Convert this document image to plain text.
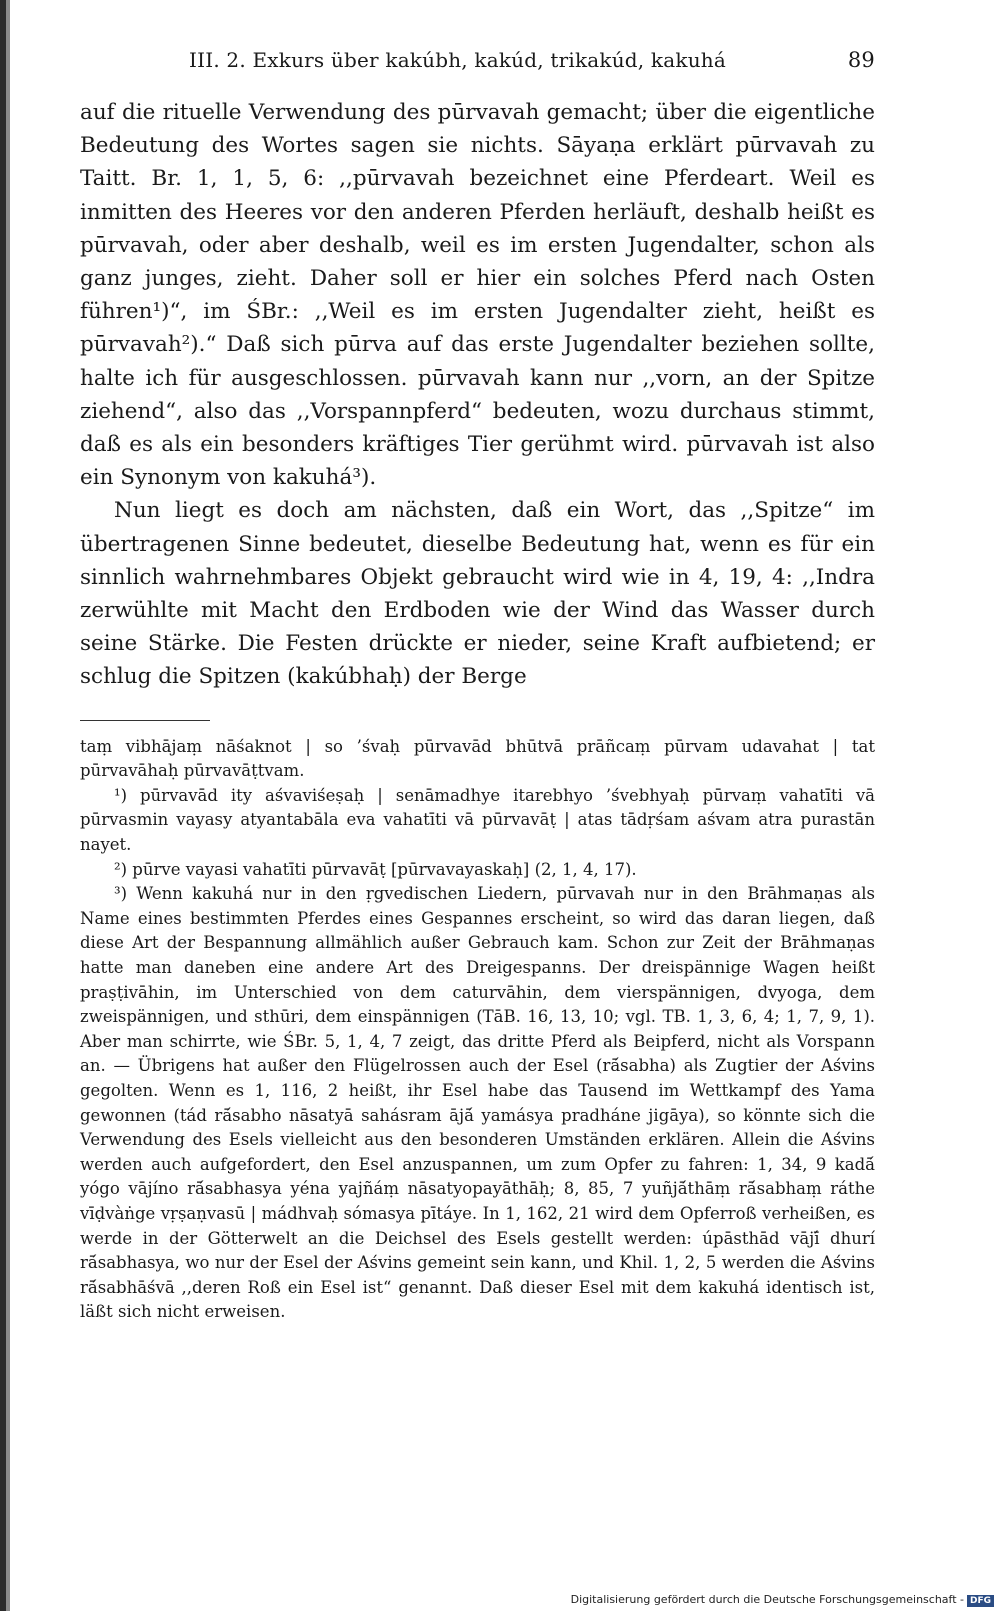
III. 2. Exkurs über kakúbh, kakúd, trikakúd, kakuhá	89

auf die rituelle Verwendung des pūrvavah gemacht; über die eigentliche Bedeutung des Wortes sagen sie nichts. Sāyaṇa erklärt pūrvavah zu Taitt. Br. 1, 1, 5, 6: ,,pūrvavah bezeichnet eine Pferdeart. Weil es inmitten des Heeres vor den anderen Pferden herläuft, deshalb heißt es pūrvavah, oder aber deshalb, weil es im ersten Jugendalter, schon als ganz junges, zieht. Daher soll er hier ein solches Pferd nach Osten führen¹)“, im ŚBr.: ,,Weil es im ersten Jugendalter zieht, heißt es pūrvavah²).“ Daß sich pūrva auf das erste Jugendalter beziehen sollte, halte ich für ausgeschlossen. pūrvavah kann nur ,,vorn, an der Spitze ziehend“, also das ,,Vorspannpferd“ bedeuten, wozu durchaus stimmt, daß es als ein besonders kräftiges Tier gerühmt wird. pūrvavah ist also ein Synonym von kakuhá³).

Nun liegt es doch am nächsten, daß ein Wort, das ,,Spitze“ im übertragenen Sinne bedeutet, dieselbe Bedeutung hat, wenn es für ein sinnlich wahrnehmbares Objekt gebraucht wird wie in 4, 19, 4: ,,Indra zerwühlte mit Macht den Erdboden wie der Wind das Wasser durch seine Stärke. Die Festen drückte er nieder, seine Kraft aufbietend; er schlug die Spitzen (kakúbhaḥ) der Berge

taṃ vibhājaṃ nāśaknot | so ’śvaḥ pūrvavād bhūtvā prāñcaṃ pūrvam udavahat | tat pūrvavāhaḥ pūrvavāṭtvam.

¹) pūrvavād ity aśvaviśeṣaḥ | senāmadhye itarebhyo ’śvebhyaḥ pūrvaṃ vahatīti vā pūrvasmin vayasy atyantabāla eva vahatīti vā pūrvavāṭ | atas tādṛśam aśvam atra purastān nayet.

²) pūrve vayasi vahatīti pūrvavāṭ [pūrvavayaskaḥ] (2, 1, 4, 17).

³) Wenn kakuhá nur in den ṛgvedischen Liedern, pūrvavah nur in den Brāhmaṇas als Name eines bestimmten Pferdes eines Gespannes erscheint, so wird das daran liegen, daß diese Art der Bespannung allmählich außer Gebrauch kam. Schon zur Zeit der Brāhmaṇas hatte man daneben eine andere Art des Dreigespanns. Der dreispännige Wagen heißt praṣṭivāhin, im Unterschied von dem caturvāhin, dem vierspännigen, dvyoga, dem zweispännigen, und sthūri, dem einspännigen (TāB. 16, 13, 10; vgl. TB. 1, 3, 6, 4; 1, 7, 9, 1). Aber man schirrte, wie ŚBr. 5, 1, 4, 7 zeigt, das dritte Pferd als Beipferd, nicht als Vorspann an. — Übrigens hat außer den Flügelrossen auch der Esel (rā́sabha) als Zugtier der Aśvins gegolten. Wenn es 1, 116, 2 heißt, ihr Esel habe das Tausend im Wettkampf des Yama gewonnen (tád rā́sabho nāsatyā sahásram ājā́ yamásya pradháne jigāya), so könnte sich die Verwendung des Esels vielleicht aus den besonderen Umständen erklären. Allein die Aśvins werden auch aufgefordert, den Esel anzuspannen, um zum Opfer zu fahren: 1, 34, 9 kadā́ yógo vājíno rā́sabhasya yéna yajñáṃ nāsatyopayāthāḥ; 8, 85, 7 yuñjā́thāṃ rā́sabhaṃ ráthe vīḍvàṅge vṛṣaṇvasū | mádhvaḥ sómasya pītáye. In 1, 162, 21 wird dem Opferroß verheißen, es werde in der Götterwelt an die Deichsel des Esels gestellt werden: úpāsthād vājī́ dhurí rā́sabhasya, wo nur der Esel der Aśvins gemeint sein kann, und Khil. 1, 2, 5 werden die Aśvins rā́sabhāśvā ,,deren Roß ein Esel ist“ genannt. Daß dieser Esel mit dem kakuhá identisch ist, läßt sich nicht erweisen.

Digitalisierung gefördert durch die Deutsche Forschungsgemeinschaft - DFG
